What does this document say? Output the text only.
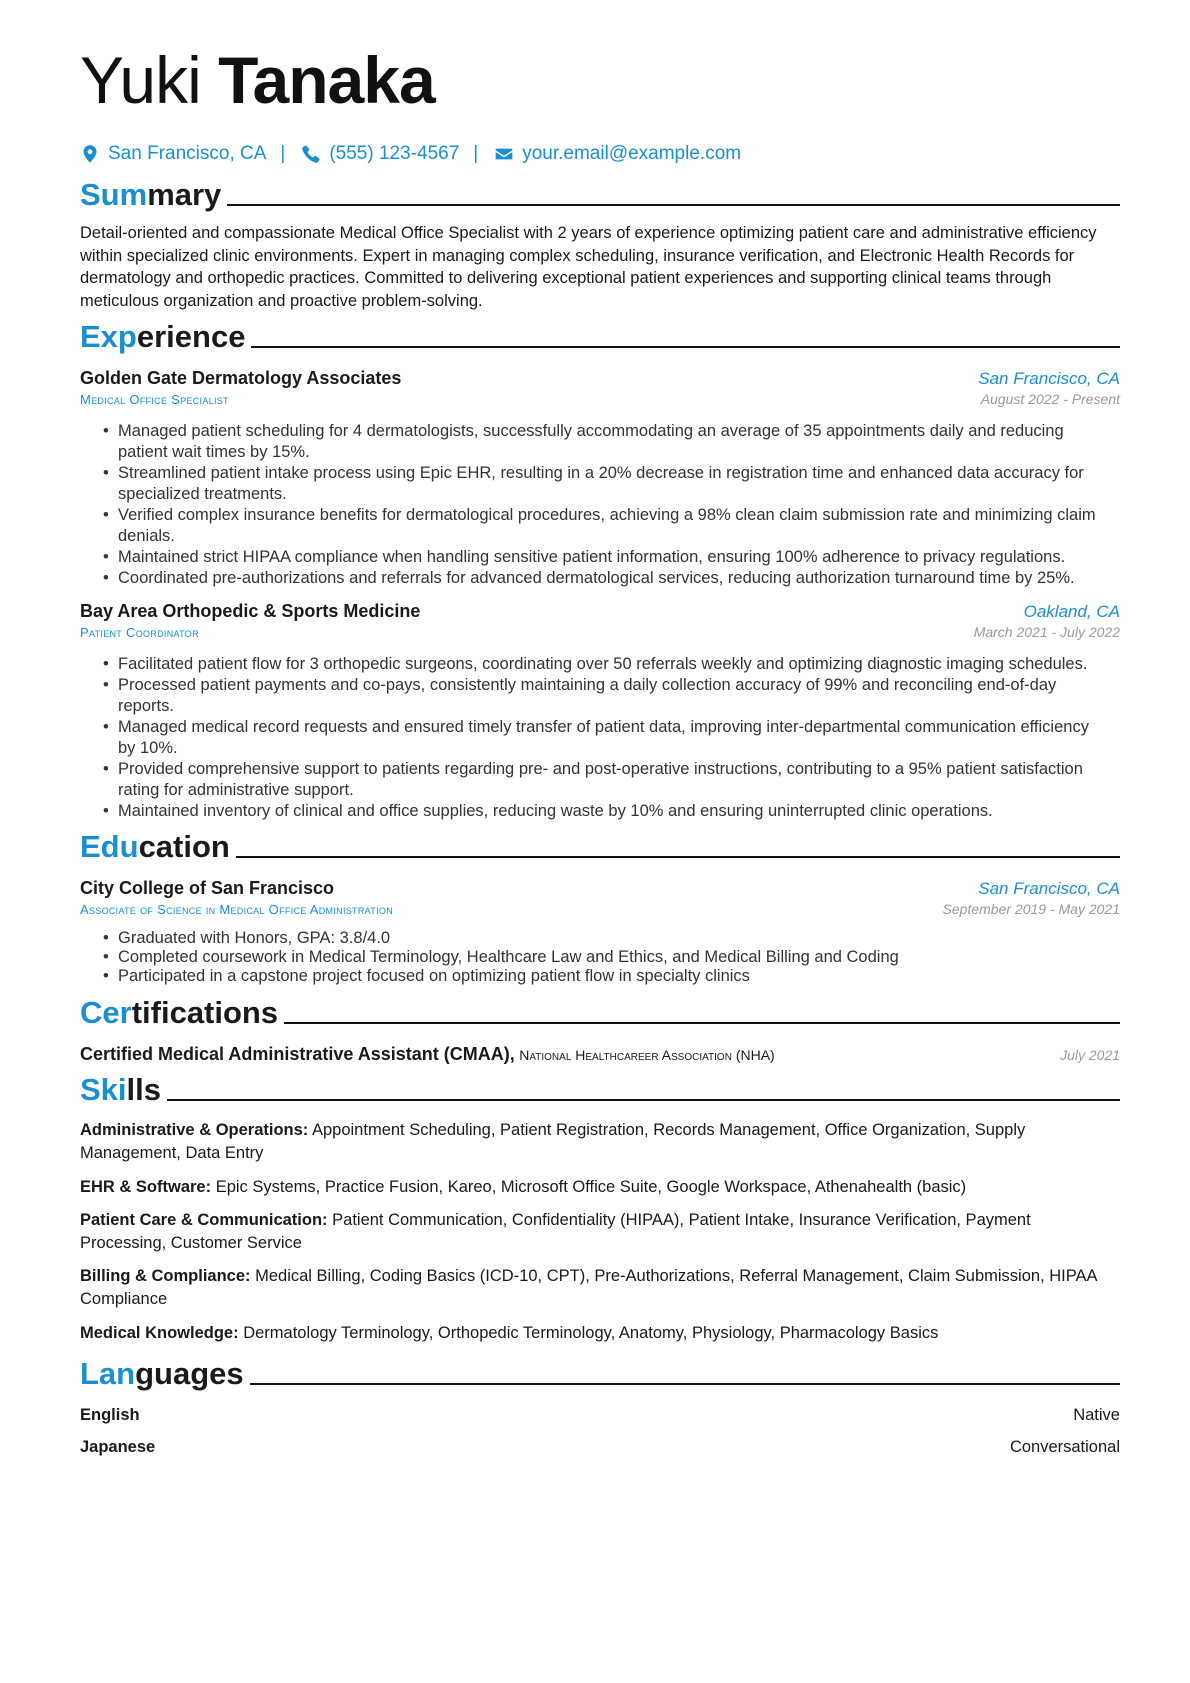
Yuki Tanaka
San Francisco, CA | (555) 123-4567 | your.email@example.com
Summary

Detail-oriented and compassionate Medical Office Specialist with 2 years of experience optimizing patient care and administrative efficiency within specialized clinic environments. Expert in managing complex scheduling, insurance verification, and Electronic Health Records for dermatology and orthopedic practices. Committed to delivering exceptional patient experiences and supporting clinical teams through meticulous organization and proactive problem-solving.

Experience
Golden Gate Dermatology Associates	San Francisco, CA
Medical Office Specialist	August 2022 - Present
• Managed patient scheduling for 4 dermatologists, successfully accommodating an average of 35 appointments daily and reducing patient wait times by 15%.
• Streamlined patient intake process using Epic EHR, resulting in a 20% decrease in registration time and enhanced data accuracy for specialized treatments.
• Verified complex insurance benefits for dermatological procedures, achieving a 98% clean claim submission rate and minimizing claim denials.
• Maintained strict HIPAA compliance when handling sensitive patient information, ensuring 100% adherence to privacy regulations.
• Coordinated pre-authorizations and referrals for advanced dermatological services, reducing authorization turnaround time by 25%.
Bay Area Orthopedic & Sports Medicine	Oakland, CA
Patient Coordinator	March 2021 - July 2022
• Facilitated patient flow for 3 orthopedic surgeons, coordinating over 50 referrals weekly and optimizing diagnostic imaging schedules.
• Processed patient payments and co-pays, consistently maintaining a daily collection accuracy of 99% and reconciling end-of-day reports.
• Managed medical record requests and ensured timely transfer of patient data, improving inter-departmental communication efficiency by 10%.
• Provided comprehensive support to patients regarding pre- and post-operative instructions, contributing to a 95% patient satisfaction rating for administrative support.
• Maintained inventory of clinical and office supplies, reducing waste by 10% and ensuring uninterrupted clinic operations.
Education
City College of San Francisco	San Francisco, CA
Associate of Science in Medical Office Administration	September 2019 - May 2021
• Graduated with Honors, GPA: 3.8/4.0
• Completed coursework in Medical Terminology, Healthcare Law and Ethics, and Medical Billing and Coding
• Participated in a capstone project focused on optimizing patient flow in specialty clinics
Certifications
Certified Medical Administrative Assistant (CMAA), National Healthcareer Association (NHA)	July 2021
Skills
Administrative & Operations: Appointment Scheduling, Patient Registration, Records Management, Office Organization, Supply Management, Data Entry
EHR & Software: Epic Systems, Practice Fusion, Kareo, Microsoft Office Suite, Google Workspace, Athenahealth (basic)
Patient Care & Communication: Patient Communication, Confidentiality (HIPAA), Patient Intake, Insurance Verification, Payment Processing, Customer Service
Billing & Compliance: Medical Billing, Coding Basics (ICD-10, CPT), Pre-Authorizations, Referral Management, Claim Submission, HIPAA Compliance
Medical Knowledge: Dermatology Terminology, Orthopedic Terminology, Anatomy, Physiology, Pharmacology Basics
Languages
English	Native
Japanese	Conversational
